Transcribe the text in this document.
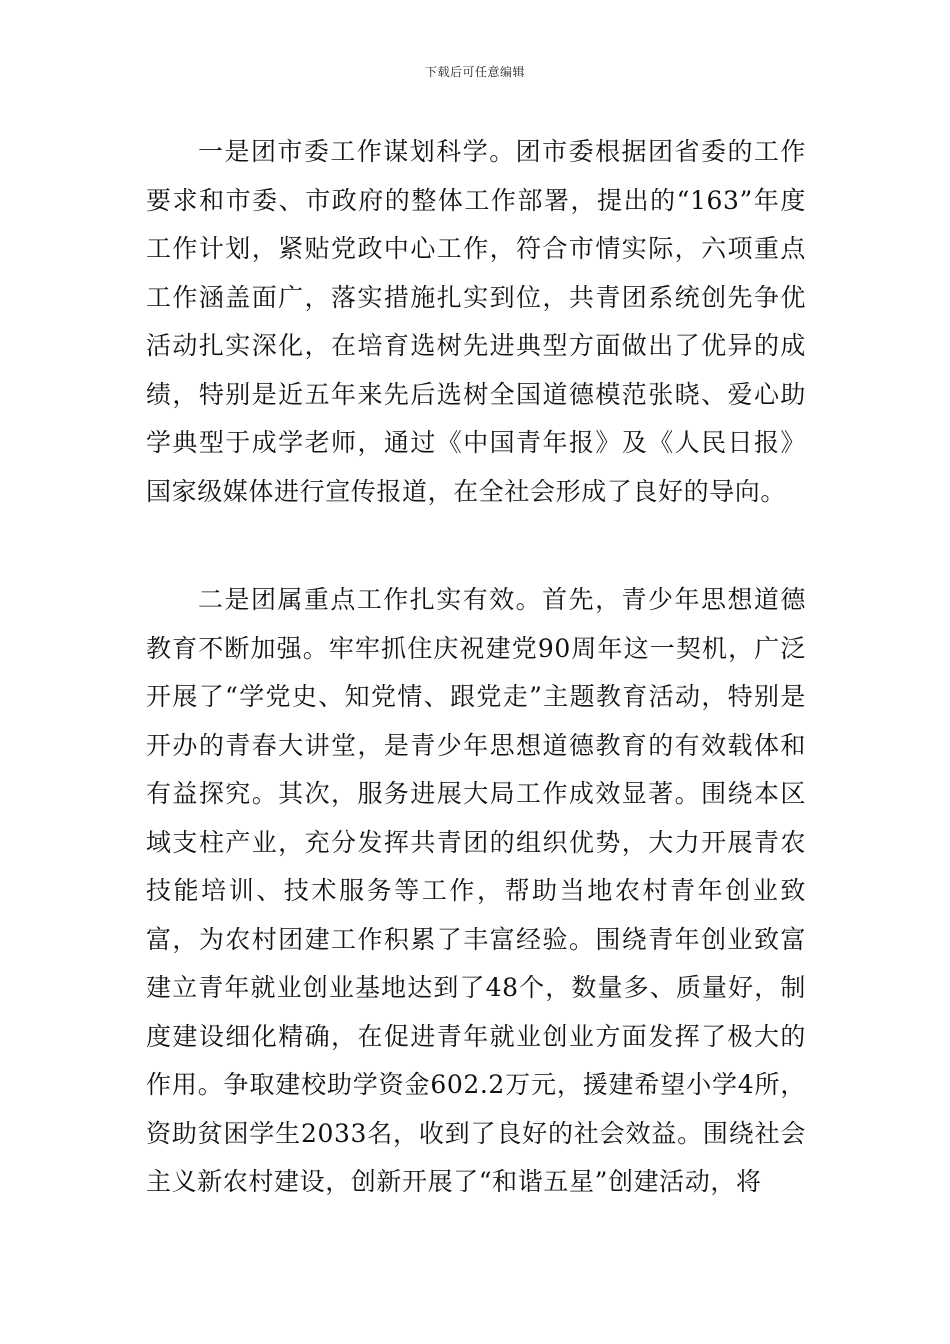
下载后可任意编辑

一是团市委工作谋划科学。团市委根据团省委的工作要求和市委、市政府的整体工作部署，提出的“163”年度工作计划，紧贴党政中心工作，符合市情实际，六项重点工作涵盖面广，落实措施扎实到位，共青团系统创先争优活动扎实深化，在培育选树先进典型方面做出了优异的成绩，特别是近五年来先后选树全国道德模范张晓、爱心助学典型于成学老师，通过《中国青年报》及《人民日报》国家级媒体进行宣传报道，在全社会形成了良好的导向。

二是团属重点工作扎实有效。首先，青少年思想道德教育不断加强。牢牢抓住庆祝建党90周年这一契机，广泛开展了“学党史、知党情、跟党走”主题教育活动，特别是开办的青春大讲堂，是青少年思想道德教育的有效载体和有益探究。其次，服务进展大局工作成效显著。围绕本区域支柱产业，充分发挥共青团的组织优势，大力开展青农技能培训、技术服务等工作，帮助当地农村青年创业致富，为农村团建工作积累了丰富经验。围绕青年创业致富建立青年就业创业基地达到了48个，数量多、质量好，制度建设细化精确，在促进青年就业创业方面发挥了极大的作用。争取建校助学资金602.2万元，援建希望小学4所，资助贫困学生2033名，收到了良好的社会效益。围绕社会主义新农村建设，创新开展了“和谐五星”创建活动，将
